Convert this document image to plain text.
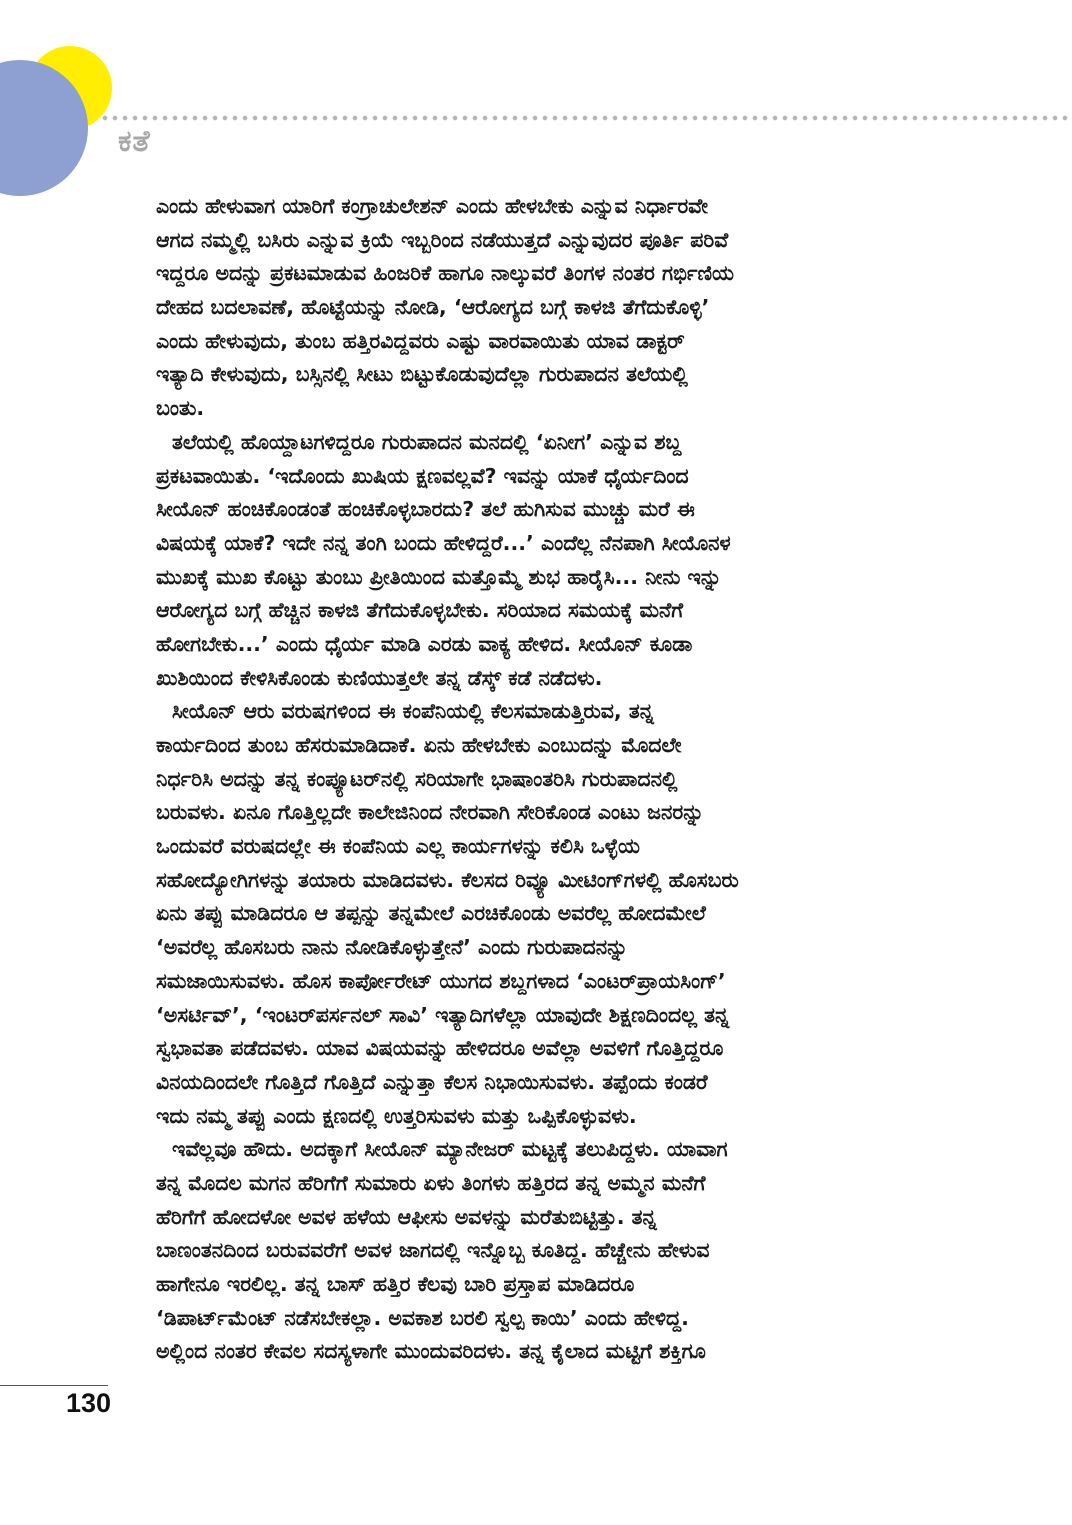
ಕತೆ
ಎಂದು ಹೇಳುವಾಗ ಯಾರಿಗೆ ಕಂಗ್ರಾಚುಲೇಶನ್ ಎಂದು ಹೇಳಬೇಕು ಎನ್ನುವ ನಿರ್ಧಾರವೇ
ಆಗದ ನಮ್ಮಲ್ಲಿ ಬಸಿರು ಎನ್ನುವ ಕ್ರಿಯೆ ಇಬ್ಬರಿಂದ ನಡೆಯುತ್ತದೆ ಎನ್ನುವುದರ ಪೂರ್ತಿ ಪರಿವೆ
ಇದ್ದರೂ ಅದನ್ನು ಪ್ರಕಟಮಾಡುವ ಹಿಂಜರಿಕೆ ಹಾಗೂ ನಾಲ್ಕುವರೆ ತಿಂಗಳ ನಂತರ ಗರ್ಭಿಣಿಯ
ದೇಹದ ಬದಲಾವಣೆ, ಹೊಟ್ಟೆಯನ್ನು ನೋಡಿ, ‘ಆರೋಗ್ಯದ ಬಗ್ಗೆ ಕಾಳಜಿ ತೆಗೆದುಕೊಳ್ಳಿ’
ಎಂದು ಹೇಳುವುದು, ತುಂಬ ಹತ್ತಿರವಿದ್ದವರು ಎಷ್ಟು ವಾರವಾಯಿತು ಯಾವ ಡಾಕ್ಟರ್
ಇತ್ಯಾದಿ ಕೇಳುವುದು, ಬಸ್ಸಿನಲ್ಲಿ ಸೀಟು ಬಿಟ್ಟುಕೊಡುವುದೆಲ್ಲಾ ಗುರುಪಾದನ ತಲೆಯಲ್ಲಿ
ಬಂತು.
ತಲೆಯಲ್ಲಿ ಹೊಯ್ದಾಟಗಳಿದ್ದರೂ ಗುರುಪಾದನ ಮನದಲ್ಲಿ ‘ಏನೀಗ’ ಎನ್ನುವ ಶಬ್ದ
ಪ್ರಕಟವಾಯಿತು. ‘ಇದೊಂದು ಖುಷಿಯ ಕ್ಷಣವಲ್ಲವೆ? ಇವನ್ನು ಯಾಕೆ ಧೈರ್ಯದಿಂದ
ಸೀಯೊನ್ ಹಂಚಿಕೊಂಡಂತೆ ಹಂಚಿಕೊಳ್ಳಬಾರದು? ತಲೆ ಹುಗಿಸುವ ಮುಚ್ಚು ಮರೆ ಈ
ವಿಷಯಕ್ಕೆ ಯಾಕೆ? ಇದೇ ನನ್ನ ತಂಗಿ ಬಂದು ಹೇಳಿದ್ದರೆ...’ ಎಂದೆಲ್ಲ ನೆನಪಾಗಿ ಸೀಯೊನಳ
ಮುಖಕ್ಕೆ ಮುಖ ಕೊಟ್ಟು ತುಂಬು ಪ್ರೀತಿಯಿಂದ ಮತ್ತೊಮ್ಮೆ ಶುಭ ಹಾರೈಸಿ... ನೀನು ಇನ್ನು
ಆರೋಗ್ಯದ ಬಗ್ಗೆ ಹೆಚ್ಚಿನ ಕಾಳಜಿ ತೆಗೆದುಕೊಳ್ಳಬೇಕು. ಸರಿಯಾದ ಸಮಯಕ್ಕೆ ಮನೆಗೆ
ಹೋಗಬೇಕು...’ ಎಂದು ಧೈರ್ಯ ಮಾಡಿ ಎರಡು ವಾಕ್ಯ ಹೇಳಿದ. ಸೀಯೊನ್ ಕೂಡಾ
ಖುಶಿಯಿಂದ ಕೇಳಿಸಿಕೊಂಡು ಕುಣಿಯುತ್ತಲೇ ತನ್ನ ಡೆಸ್ಕ್ ಕಡೆ ನಡೆದಳು.
ಸೀಯೊನ್ ಆರು ವರುಷಗಳಿಂದ ಈ ಕಂಪೆನಿಯಲ್ಲಿ ಕೆಲಸಮಾಡುತ್ತಿರುವ, ತನ್ನ
ಕಾರ್ಯದಿಂದ ತುಂಬ ಹೆಸರುಮಾಡಿದಾಕೆ. ಏನು ಹೇಳಬೇಕು ಎಂಬುದನ್ನು ಮೊದಲೇ
ನಿರ್ಧರಿಸಿ ಅದನ್ನು ತನ್ನ ಕಂಪ್ಯೂಟರ್‌ನಲ್ಲಿ ಸರಿಯಾಗೇ ಭಾಷಾಂತರಿಸಿ ಗುರುಪಾದನಲ್ಲಿ
ಬರುವಳು. ಏನೂ ಗೊತ್ತಿಲ್ಲದೇ ಕಾಲೇಜಿನಿಂದ ನೇರವಾಗಿ ಸೇರಿಕೊಂಡ ಎಂಟು ಜನರನ್ನು
ಒಂದುವರೆ ವರುಷದಲ್ಲೇ ಈ ಕಂಪೆನಿಯ ಎಲ್ಲ ಕಾರ್ಯಗಳನ್ನು ಕಲಿಸಿ ಒಳ್ಳೆಯ
ಸಹೋದ್ಯೋಗಿಗಳನ್ನು ತಯಾರು ಮಾಡಿದವಳು. ಕೆಲಸದ ರಿವ್ಯೂ ಮೀಟಿಂಗ್‌ಗಳಲ್ಲಿ ಹೊಸಬರು
ಏನು ತಪ್ಪು ಮಾಡಿದರೂ ಆ ತಪ್ಪನ್ನು ತನ್ನಮೇಲೆ ಎರಚಿಕೊಂಡು ಅವರೆಲ್ಲ ಹೋದಮೇಲೆ
‘ಅವರೆಲ್ಲ ಹೊಸಬರು ನಾನು ನೋಡಿಕೊಳ್ಳುತ್ತೇನೆ’ ಎಂದು ಗುರುಪಾದನನ್ನು
ಸಮಜಾಯಿಸುವಳು. ಹೊಸ ಕಾರ್ಪೋರೇಟ್ ಯುಗದ ಶಬ್ದಗಳಾದ ‘ಎಂಟರ್‌ಪ್ರಾಯಸಿಂಗ್’
‘ಅಸರ್ಟಿವ್’, ‘ಇಂಟರ್‌ಪರ್ಸನಲ್ ಸಾವಿ’ ಇತ್ಯಾದಿಗಳೆಲ್ಲಾ ಯಾವುದೇ ಶಿಕ್ಷಣದಿಂದಲ್ಲ ತನ್ನ
ಸ್ವಭಾವತಾ ಪಡೆದವಳು. ಯಾವ ವಿಷಯವನ್ನು ಹೇಳಿದರೂ ಅವೆಲ್ಲಾ ಅವಳಿಗೆ ಗೊತ್ತಿದ್ದರೂ
ವಿನಯದಿಂದಲೇ ಗೊತ್ತಿದೆ ಗೊತ್ತಿದೆ ಎನ್ನುತ್ತಾ ಕೆಲಸ ನಿಭಾಯಿಸುವಳು. ತಪ್ಪೆಂದು ಕಂಡರೆ
ಇದು ನಮ್ಮ ತಪ್ಪು ಎಂದು ಕ್ಷಣದಲ್ಲಿ ಉತ್ತರಿಸುವಳು ಮತ್ತು ಒಪ್ಪಿಕೊಳ್ಳುವಳು.
ಇವೆಲ್ಲವೂ ಹೌದು. ಅದಕ್ಕಾಗೆ ಸೀಯೊನ್ ಮ್ಯಾನೇಜರ್ ಮಟ್ಟಕ್ಕೆ ತಲುಪಿದ್ದಳು. ಯಾವಾಗ
ತನ್ನ ಮೊದಲ ಮಗನ ಹೆರಿಗೆಗೆ ಸುಮಾರು ಏಳು ತಿಂಗಳು ಹತ್ತಿರದ ತನ್ನ ಅಮ್ಮನ ಮನೆಗೆ
ಹೆರಿಗೆಗೆ ಹೋದಳೋ ಅವಳ ಹಳೆಯ ಆಫೀಸು ಅವಳನ್ನು ಮರೆತುಬಿಟ್ಟಿತ್ತು. ತನ್ನ
ಬಾಣಂತನದಿಂದ ಬರುವವರೆಗೆ ಅವಳ ಜಾಗದಲ್ಲಿ ಇನ್ನೊಬ್ಬ ಕೂತಿದ್ದ. ಹೆಚ್ಚೇನು ಹೇಳುವ
ಹಾಗೇನೂ ಇರಲಿಲ್ಲ. ತನ್ನ ಬಾಸ್ ಹತ್ತಿರ ಕೆಲವು ಬಾರಿ ಪ್ರಸ್ತಾಪ ಮಾಡಿದರೂ
‘ಡಿಪಾರ್ಟ್‌ಮೆಂಟ್ ನಡೆಸಬೇಕಲ್ಲಾ. ಅವಕಾಶ ಬರಲಿ ಸ್ವಲ್ಪ ಕಾಯಿ’ ಎಂದು ಹೇಳಿದ್ದ.
ಅಲ್ಲಿಂದ ನಂತರ ಕೇವಲ ಸದಸ್ಯಳಾಗೇ ಮುಂದುವರಿದಳು. ತನ್ನ ಕೈಲಾದ ಮಟ್ಟಿಗೆ ಶಕ್ತಿಗೂ
130
